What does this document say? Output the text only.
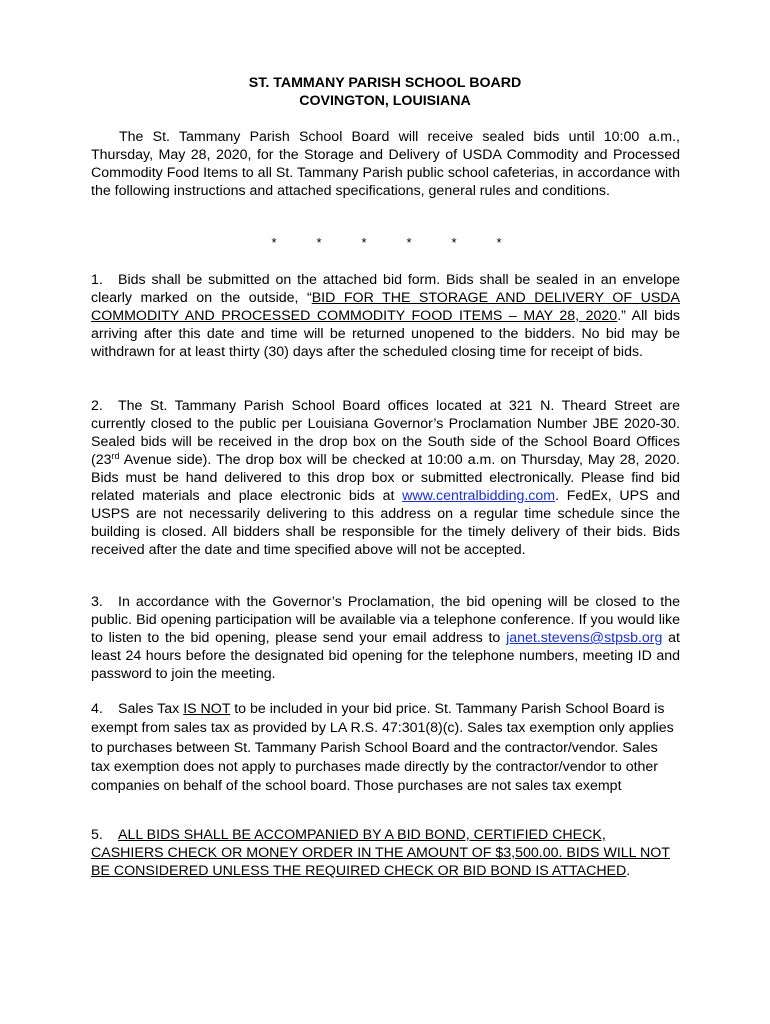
ST. TAMMANY PARISH SCHOOL BOARD
COVINGTON, LOUISIANA
The St. Tammany Parish School Board will receive sealed bids until 10:00 a.m., Thursday, May 28, 2020, for the Storage and Delivery of USDA Commodity and Processed Commodity Food Items to all St. Tammany Parish public school cafeterias, in accordance with the following instructions and attached specifications, general rules and conditions.
*	*	*	*	*	*
1. Bids shall be submitted on the attached bid form. Bids shall be sealed in an envelope clearly marked on the outside, “BID FOR THE STORAGE AND DELIVERY OF USDA COMMODITY AND PROCESSED COMMODITY FOOD ITEMS – MAY 28, 2020.” All bids arriving after this date and time will be returned unopened to the bidders. No bid may be withdrawn for at least thirty (30) days after the scheduled closing time for receipt of bids.
2. The St. Tammany Parish School Board offices located at 321 N. Theard Street are currently closed to the public per Louisiana Governor’s Proclamation Number JBE 2020-30. Sealed bids will be received in the drop box on the South side of the School Board Offices (23rd Avenue side). The drop box will be checked at 10:00 a.m. on Thursday, May 28, 2020. Bids must be hand delivered to this drop box or submitted electronically. Please find bid related materials and place electronic bids at www.centralbidding.com. FedEx, UPS and USPS are not necessarily delivering to this address on a regular time schedule since the building is closed. All bidders shall be responsible for the timely delivery of their bids. Bids received after the date and time specified above will not be accepted.
3. In accordance with the Governor’s Proclamation, the bid opening will be closed to the public. Bid opening participation will be available via a telephone conference. If you would like to listen to the bid opening, please send your email address to janet.stevens@stpsb.org at least 24 hours before the designated bid opening for the telephone numbers, meeting ID and password to join the meeting.
4. Sales Tax IS NOT to be included in your bid price. St. Tammany Parish School Board is exempt from sales tax as provided by LA R.S. 47:301(8)(c). Sales tax exemption only applies to purchases between St. Tammany Parish School Board and the contractor/vendor. Sales tax exemption does not apply to purchases made directly by the contractor/vendor to other companies on behalf of the school board. Those purchases are not sales tax exempt
5. ALL BIDS SHALL BE ACCOMPANIED BY A BID BOND, CERTIFIED CHECK, CASHIERS CHECK OR MONEY ORDER IN THE AMOUNT OF $3,500.00. BIDS WILL NOT BE CONSIDERED UNLESS THE REQUIRED CHECK OR BID BOND IS ATTACHED.
